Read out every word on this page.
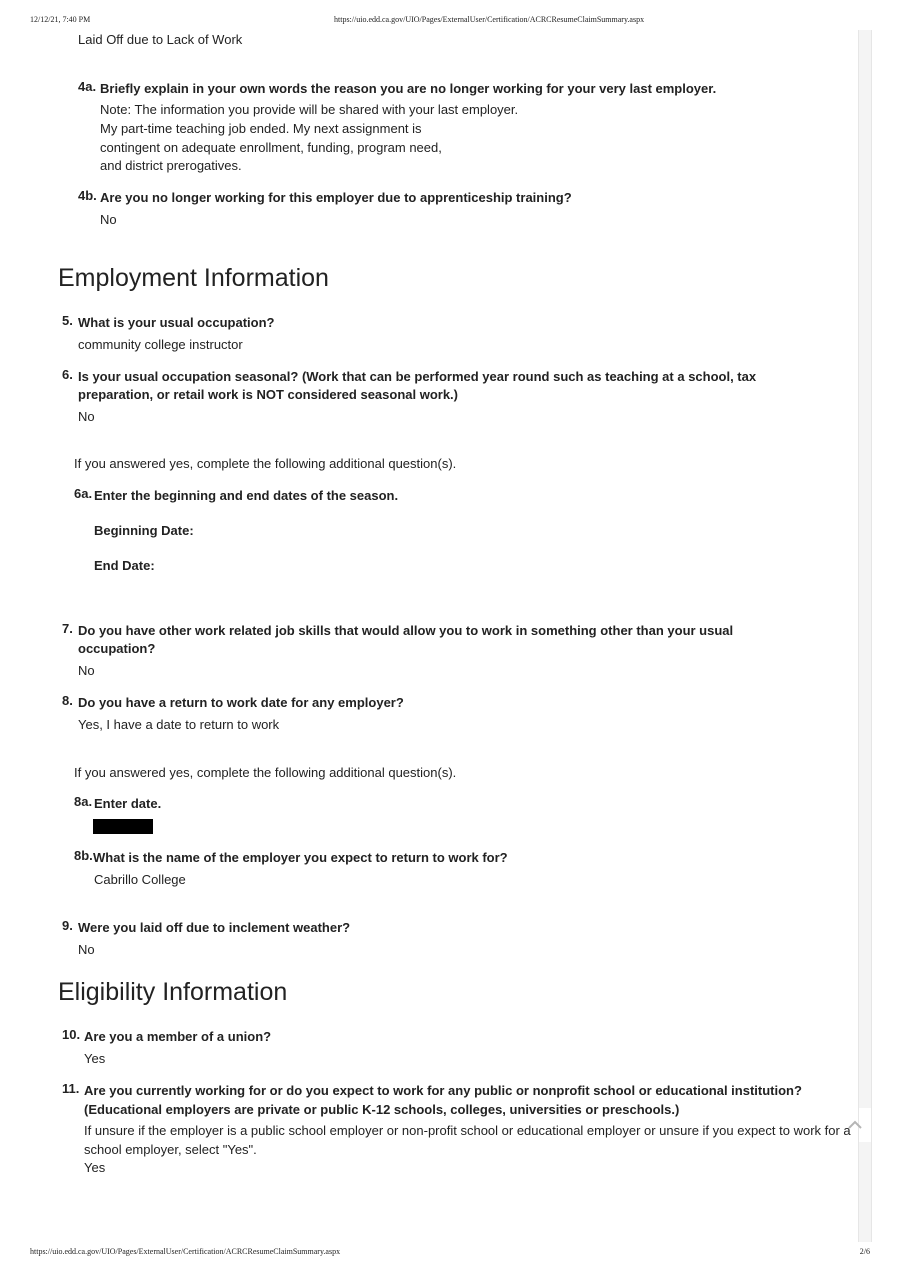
12/12/21, 7:40 PM	https://uio.edd.ca.gov/UIO/Pages/ExternalUser/Certification/ACRCResumeClaimSummary.aspx
Laid Off due to Lack of Work
4a. Briefly explain in your own words the reason you are no longer working for your very last employer.
Note: The information you provide will be shared with your last employer.
My part-time teaching job ended. My next assignment is
contingent on adequate enrollment, funding, program need,
and district prerogatives.
4b. Are you no longer working for this employer due to apprenticeship training?
No
Employment Information
5. What is your usual occupation?
community college instructor
6. Is your usual occupation seasonal? (Work that can be performed year round such as teaching at a school, tax
preparation, or retail work is NOT considered seasonal work.)
No
If you answered yes, complete the following additional question(s).
6a. Enter the beginning and end dates of the season.
Beginning Date:
End Date:
7. Do you have other work related job skills that would allow you to work in something other than your usual
occupation?
No
8. Do you have a return to work date for any employer?
Yes, I have a date to return to work
If you answered yes, complete the following additional question(s).
8a. Enter date.
8b. What is the name of the employer you expect to return to work for?
Cabrillo College
9. Were you laid off due to inclement weather?
No
Eligibility Information
10. Are you a member of a union?
Yes
11. Are you currently working for or do you expect to work for any public or nonprofit school or educational institution?
(Educational employers are private or public K-12 schools, colleges, universities or preschools.)
If unsure if the employer is a public school employer or non-profit school or educational employer or unsure if you expect to work for a
school employer, select "Yes".
Yes
https://uio.edd.ca.gov/UIO/Pages/ExternalUser/Certification/ACRCResumeClaimSummary.aspx	2/6
